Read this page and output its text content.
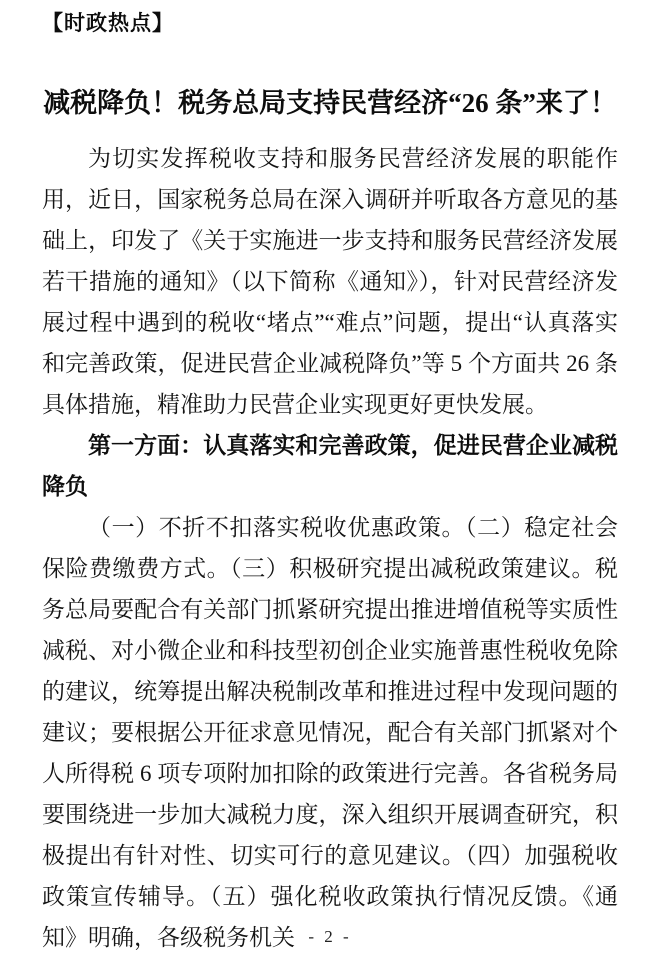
【时政热点】
减税降负！税务总局支持民营经济“26 条”来了！

为切实发挥税收支持和服务民营经济发展的职能作用，近日，国家税务总局在深入调研并听取各方意见的基础上，印发了《关于实施进一步支持和服务民营经济发展若干措施的通知》（以下简称《通知》），针对民营经济发展过程中遇到的税收“堵点”“难点”问题，提出“认真落实和完善政策，促进民营企业减税降负”等 5 个方面共 26 条具体措施，精准助力民营企业实现更好更快发展。

第一方面：认真落实和完善政策，促进民营企业减税降负

（一）不折不扣落实税收优惠政策。（二）稳定社会保险费缴费方式。（三）积极研究提出减税政策建议。税务总局要配合有关部门抓紧研究提出推进增值税等实质性减税、对小微企业和科技型初创企业实施普惠性税收免除的建议，统筹提出解决税制改革和推进过程中发现问题的建议；要根据公开征求意见情况，配合有关部门抓紧对个人所得税 6 项专项附加扣除的政策进行完善。各省税务局要围绕进一步加大减税力度，深入组织开展调查研究，积极提出有针对性、切实可行的意见建议。（四）加强税收政策宣传辅导。（五）强化税收政策执行情况反馈。《通知》明确，各级税务机关 - 2 -
